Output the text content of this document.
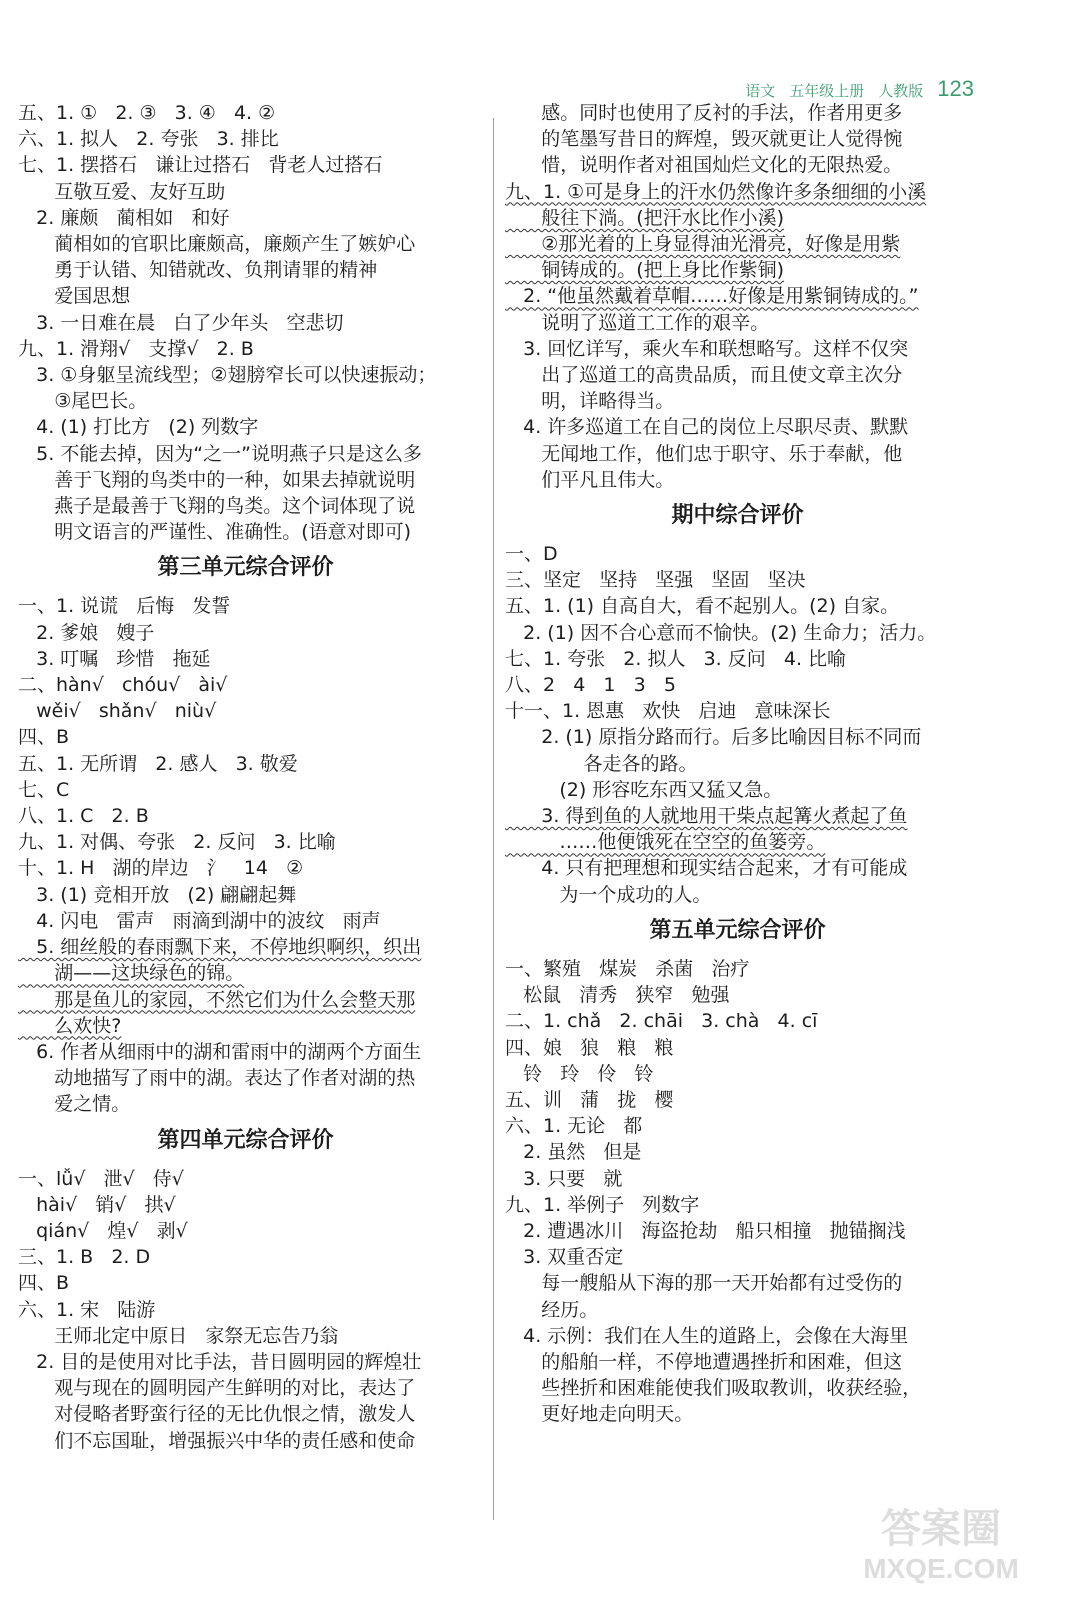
语文 五年级上册 人教版 123
五、1. ①   2. ③   3. ④   4. ②
六、1. 拟人   2. 夸张   3. 排比
七、1. 摆搭石   谦让过搭石   背老人过搭石
互敬互爱、友好互助
2. 廉颇   蔺相如   和好
蔺相如的官职比廉颇高，廉颇产生了嫉妒心
勇于认错、知错就改、负荆请罪的精神
爱国思想
3. 一日难在晨   白了少年头   空悲切
九、1. 滑翔√   支撑√   2. B
3. ①身躯呈流线型；②翅膀窄长可以快速振动；
③尾巴长。
4. (1) 打比方   (2) 列数字
5. 不能去掉，因为“之一”说明燕子只是这么多
善于飞翔的鸟类中的一种，如果去掉就说明
燕子是最善于飞翔的鸟类。这个词体现了说
明文语言的严谨性、准确性。(语意对即可)
第三单元综合评价
一、1. 说谎   后悔   发誓
2. 爹娘   嫂子
3. 叮嘱   珍惜   拖延
二、hàn√   chóu√   ài√
wěi√   shǎn√   niù√
四、B
五、1. 无所谓   2. 感人   3. 敬爱
七、C
八、1. C   2. B
九、1. 对偶、夸张   2. 反问   3. 比喻
十、1. H   湖的岸边   氵   14   ②
3. (1) 竞相开放   (2) 翩翩起舞
4. 闪电   雷声   雨滴到湖中的波纹   雨声
5. 细丝般的春雨飘下来，不停地织啊织，织出
湖——这块绿色的锦。
那是鱼儿的家园，不然它们为什么会整天那
么欢快?
6. 作者从细雨中的湖和雷雨中的湖两个方面生
动地描写了雨中的湖。表达了作者对湖的热
爱之情。
第四单元综合评价
一、lǚ√   泄√   侍√
hài√   销√   拱√
qián√   煌√   剥√
三、1. B   2. D
四、B
六、1. 宋   陆游
王师北定中原日   家祭无忘告乃翁
2. 目的是使用对比手法，昔日圆明园的辉煌壮
观与现在的圆明园产生鲜明的对比，表达了
对侵略者野蛮行径的无比仇恨之情，激发人
们不忘国耻，增强振兴中华的责任感和使命
感。同时也使用了反衬的手法，作者用更多
的笔墨写昔日的辉煌，毁灭就更让人觉得惋
惜，说明作者对祖国灿烂文化的无限热爱。
九、1. ①可是身上的汗水仍然像许多条细细的小溪
般往下淌。(把汗水比作小溪)
②那光着的上身显得油光滑亮，好像是用紫
铜铸成的。(把上身比作紫铜)
2. “他虽然戴着草帽……好像是用紫铜铸成的。”
说明了巡道工工作的艰辛。
3. 回忆详写，乘火车和联想略写。这样不仅突
出了巡道工的高贵品质，而且使文章主次分
明，详略得当。
4. 许多巡道工在自己的岗位上尽职尽责、默默
无闻地工作，他们忠于职守、乐于奉献，他
们平凡且伟大。
期中综合评价
一、D
三、坚定   坚持   坚强   坚固   坚决
五、1. (1) 自高自大，看不起别人。(2) 自家。
2. (1) 因不合心意而不愉快。(2) 生命力；活力。
七、1. 夸张   2. 拟人   3. 反问   4. 比喻
八、2   4   1   3   5
十一、1. 恩惠   欢快   启迪   意味深长
2. (1) 原指分路而行。后多比喻因目标不同而
各走各的路。
(2) 形容吃东西又猛又急。
3. 得到鱼的人就地用干柴点起篝火煮起了鱼
……他便饿死在空空的鱼篓旁。
4. 只有把理想和现实结合起来，才有可能成
为一个成功的人。
第五单元综合评价
一、繁殖   煤炭   杀菌   治疗
松鼠   清秀   狭窄   勉强
二、1. chǎ   2. chāi   3. chà   4. cī
四、娘   狼   粮   粮
铃   玲   伶   铃
五、训   蒲   拢   樱
六、1. 无论   都
2. 虽然   但是
3. 只要   就
九、1. 举例子   列数字
2. 遭遇冰川   海盗抢劫   船只相撞   抛锚搁浅
3. 双重否定
每一艘船从下海的那一天开始都有过受伤的
经历。
4. 示例：我们在人生的道路上，会像在大海里
的船舶一样，不停地遭遇挫折和困难，但这
些挫折和困难能使我们吸取教训，收获经验，
更好地走向明天。
答案圈
MXQE.COM
